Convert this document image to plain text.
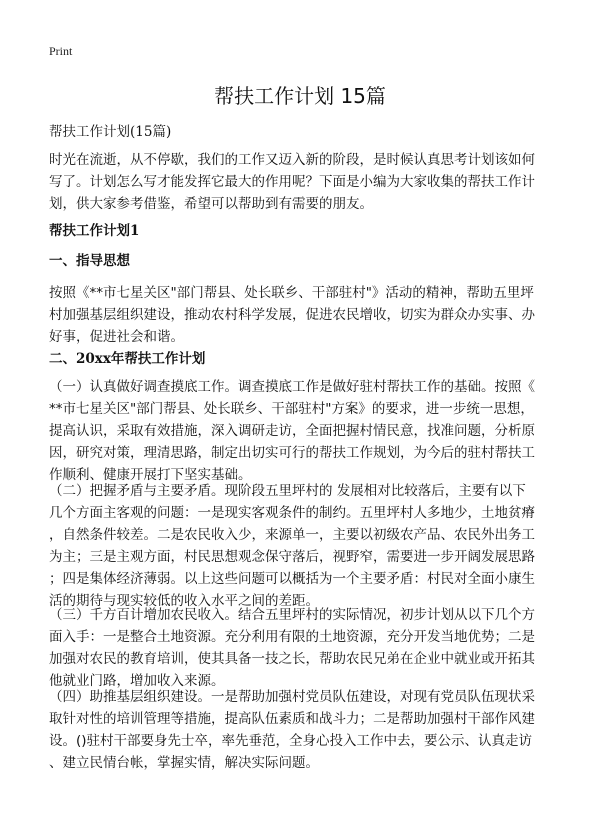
Print
帮扶工作计划 15篇
帮扶工作计划(15篇)
时光在流逝，从不停歇，我们的工作又迈入新的阶段，是时候认真思考计划该如何
写了。计划怎么写才能发挥它最大的作用呢？下面是小编为大家收集的帮扶工作计
划，供大家参考借鉴，希望可以帮助到有需要的朋友。
帮扶工作计划1
一、指导思想
按照《**市七星关区"部门帮县、处长联乡、干部驻村"》活动的精神，帮助五里坪
村加强基层组织建设，推动农村科学发展，促进农民增收，切实为群众办实事、办
好事，促进社会和谐。
二、20xx年帮扶工作计划
（一）认真做好调查摸底工作。调查摸底工作是做好驻村帮扶工作的基础。按照《
**市七星关区"部门帮县、处长联乡、干部驻村"方案》的要求，进一步统一思想，
提高认识，采取有效措施，深入调研走访，全面把握村情民意，找准问题，分析原
因，研究对策，理清思路，制定出切实可行的帮扶工作规划，为今后的驻村帮扶工
作顺利、健康开展打下坚实基础。
（二）把握矛盾与主要矛盾。现阶段五里坪村的 发展相对比较落后，主要有以下
几个方面主客观的问题：一是现实客观条件的制约。五里坪村人多地少，土地贫瘠
，自然条件较差。二是农民收入少，来源单一，主要以初级农产品、农民外出务工
为主；三是主观方面，村民思想观念保守落后，视野窄，需要进一步开阔发展思路
；四是集体经济薄弱。以上这些问题可以概括为一个主要矛盾：村民对全面小康生
活的期待与现实较低的收入水平之间的差距。
（三）千方百计增加农民收入。结合五里坪村的实际情况，初步计划从以下几个方
面入手：一是整合土地资源。充分利用有限的土地资源，充分开发当地优势；二是
加强对农民的教育培训，使其具备一技之长，帮助农民兄弟在企业中就业或开拓其
他就业门路，增加收入来源。
（四）助推基层组织建设。一是帮助加强村党员队伍建设，对现有党员队伍现状采
取针对性的培训管理等措施，提高队伍素质和战斗力；二是帮助加强村干部作风建
设。()驻村干部要身先士卒，率先垂范，全身心投入工作中去，要公示、认真走访
、建立民情台帐，掌握实情，解决实际问题。
